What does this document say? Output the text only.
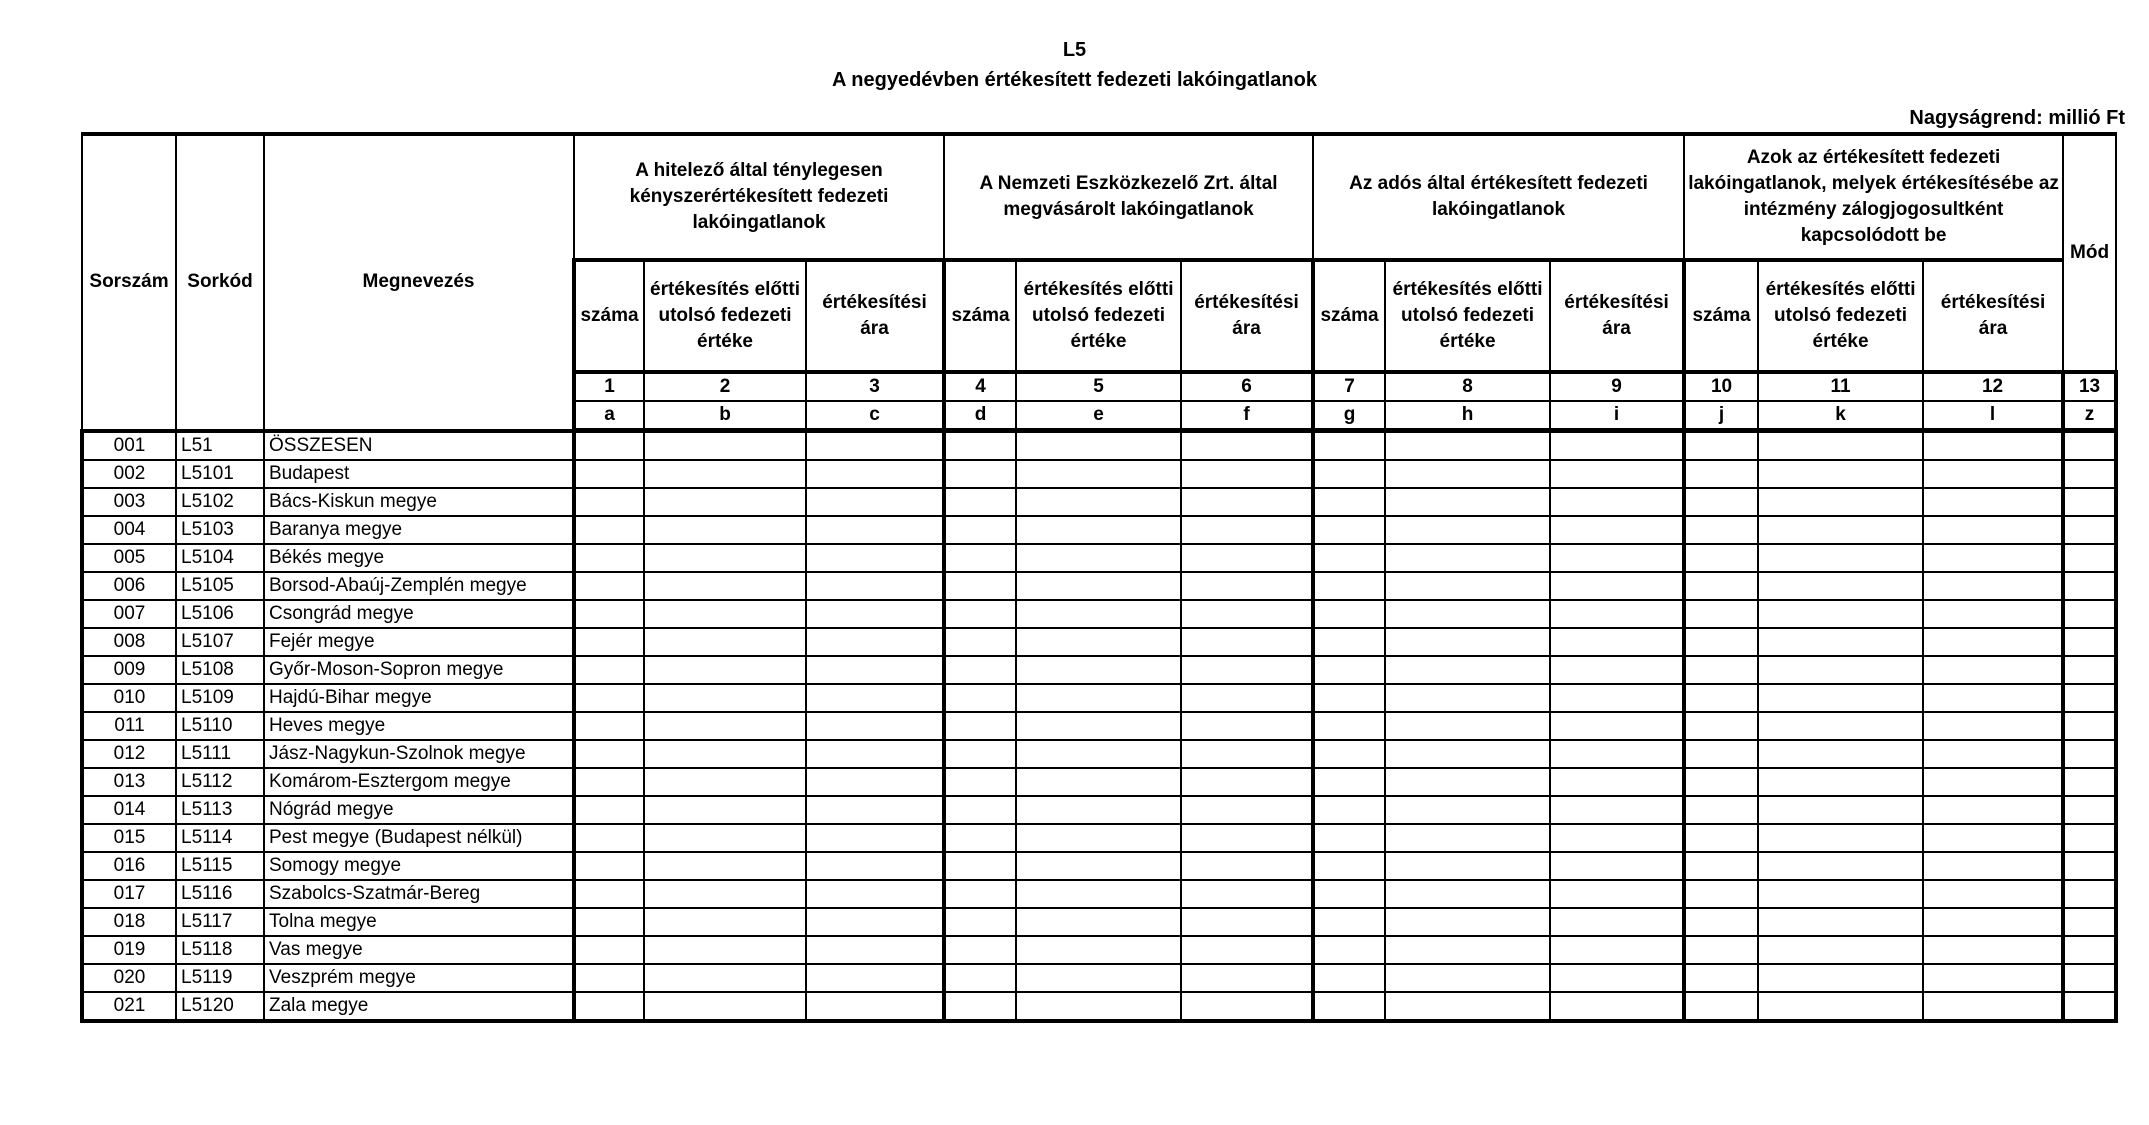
L5
A negyedévben értékesített fedezeti lakóingatlanok
Nagyságrend: millió Ft
Sorszám	Sorkód	Megnevezés	A hitelező által ténylegesen kényszerértékesített fedezeti lakóingatlanok			A Nemzeti Eszközkezelő Zrt. által megvásárolt lakóingatlanok			Az adós által értékesített fedezeti lakóingatlanok			Azok az értékesített fedezeti lakóingatlanok, melyek értékesítésébe az intézmény zálogjogosultként kapcsolódott be			Mód
			száma	értékesítés előtti utolsó fedezeti értéke	értékesítési ára	száma	értékesítés előtti utolsó fedezeti értéke	értékesítési ára	száma	értékesítés előtti utolsó fedezeti értéke	értékesítési ára	száma	értékesítés előtti utolsó fedezeti értéke	értékesítési ára	
			1	2	3	4	5	6	7	8	9	10	11	12	13
			a	b	c	d	e	f	g	h	i	j	k	l	z
001	L51	ÖSSZESEN													
002	L5101	Budapest													
003	L5102	Bács-Kiskun megye													
004	L5103	Baranya megye													
005	L5104	Békés megye													
006	L5105	Borsod-Abaúj-Zemplén megye													
007	L5106	Csongrád megye													
008	L5107	Fejér megye													
009	L5108	Győr-Moson-Sopron megye													
010	L5109	Hajdú-Bihar megye													
011	L5110	Heves megye													
012	L5111	Jász-Nagykun-Szolnok megye													
013	L5112	Komárom-Esztergom megye													
014	L5113	Nógrád megye													
015	L5114	Pest megye (Budapest nélkül)													
016	L5115	Somogy megye													
017	L5116	Szabolcs-Szatmár-Bereg													
018	L5117	Tolna megye													
019	L5118	Vas megye													
020	L5119	Veszprém megye													
021	L5120	Zala megye													
